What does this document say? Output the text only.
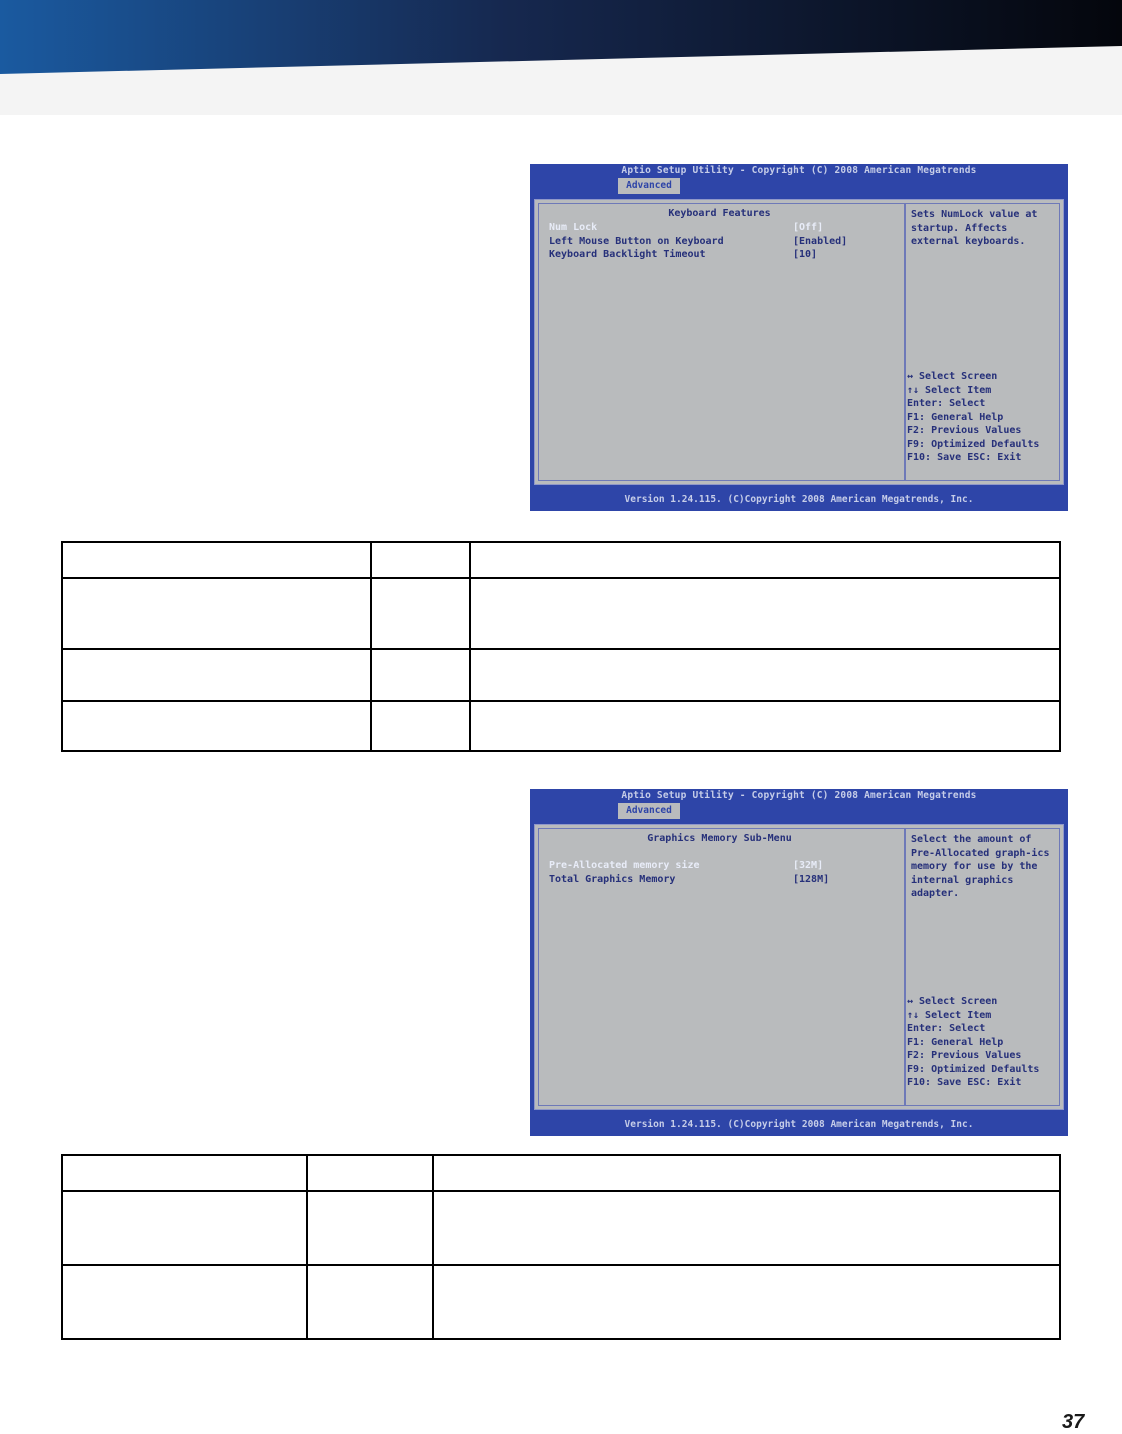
Aptio Setup Utility - Copyright (C) 2008 American Megatrends
Advanced
Keyboard Features
Num Lock	[Off]
Left Mouse Button on Keyboard	[Enabled]
Keyboard Backlight Timeout	[10]
Sets NumLock value at startup. Affects external keyboards.
↔ Select Screen
↑↓ Select Item
Enter: Select
F1: General Help
F2: Previous Values
F9: Optimized Defaults
F10: Save ESC: Exit
Version 1.24.115. (C)Copyright 2008 American Megatrends, Inc.

Aptio Setup Utility - Copyright (C) 2008 American Megatrends
Advanced
Graphics Memory Sub-Menu
Pre-Allocated memory size	[32M]
Total Graphics Memory	[128M]
Select the amount of Pre-Allocated graph-ics memory for use by the internal graphics adapter.
↔ Select Screen
↑↓ Select Item
Enter: Select
F1: General Help
F2: Previous Values
F9: Optimized Defaults
F10: Save ESC: Exit
Version 1.24.115. (C)Copyright 2008 American Megatrends, Inc.

37
